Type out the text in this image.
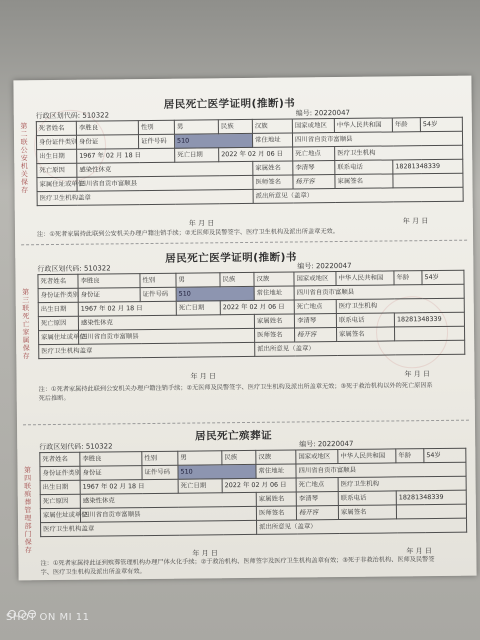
第二联 公安机关保存
居民死亡医学证明(推断)书
行政区划代码: 510322	编号: 20220047
死者姓名	李胜良	性别	男	民族	汉族	国家或地区	中华人民共和国	年龄	54岁
身份证件类别	身份证	证件号码	510		常住地址	四川省自贡市富顺县			
出生日期	1967 年 02 月 18 日		死亡日期	2022 年 02 月 06 日		死亡地点	医疗卫生机构		
死亡原因	感染性休克				家属姓名	李清琴	联系电话	18281348339	
家属住址或单位	四川省自贡市富顺县				医师签名	杨开容	家属签名		
医疗卫生机构盖章					派出所意见（盖章）				
年 月 日	年 月 日
注：①死者家属持此联到公安机关办理户籍注销手续；②无医师及民警签字、医疗卫生机构及派出所盖章无效。
第三联 死亡家属保存
居民死亡医学证明(推断)书
行政区划代码: 510322	编号: 20220047
死者姓名	李胜良	性别	男	民族	汉族	国家或地区	中华人民共和国	年龄	54岁
身份证件类别	身份证	证件号码	510		常住地址	四川省自贡市富顺县			
出生日期	1967 年 02 月 18 日		死亡日期	2022 年 02 月 06 日		死亡地点	医疗卫生机构		
死亡原因	感染性休克				家属姓名	李清琴	联系电话	18281348339	
家属住址或单位	四川省自贡市富顺县				医师签名	杨开容	家属签名		
医疗卫生机构盖章					派出所意见（盖章）				
年 月 日	年 月 日
注：①死者家属持此联到公安机关办理户籍注销手续；②无医师及民警签字、医疗卫生机构及派出所盖章无效；③死于救治机构以外的死亡原因系
死后推断。
第四联 殡葬管理部门保存
居民死亡殡葬证
行政区划代码: 510322	编号: 20220047
死者姓名	李胜良	性别	男	民族	汉族	国家或地区	中华人民共和国	年龄	54岁
身份证件类别	身份证	证件号码	510		常住地址	四川省自贡市富顺县			
出生日期	1967 年 02 月 18 日		死亡日期	2022 年 02 月 06 日		死亡地点	医疗卫生机构		
死亡原因	感染性休克				家属姓名	李清琴	联系电话	18281348339	
家属住址或单位	四川省自贡市富顺县				医师签名	杨开容	家属签名		
医疗卫生机构盖章					派出所意见（盖章）				
年 月 日	年 月 日
注：①死者家属持此证到殡葬管理机构办理尸体火化手续；②于救治机构、医师签字及医疗卫生机构盖章有效；③死于非救治机构、医师及民警签
字、医疗卫生机构及派出所盖章有效。
SHOT ON MI 11
